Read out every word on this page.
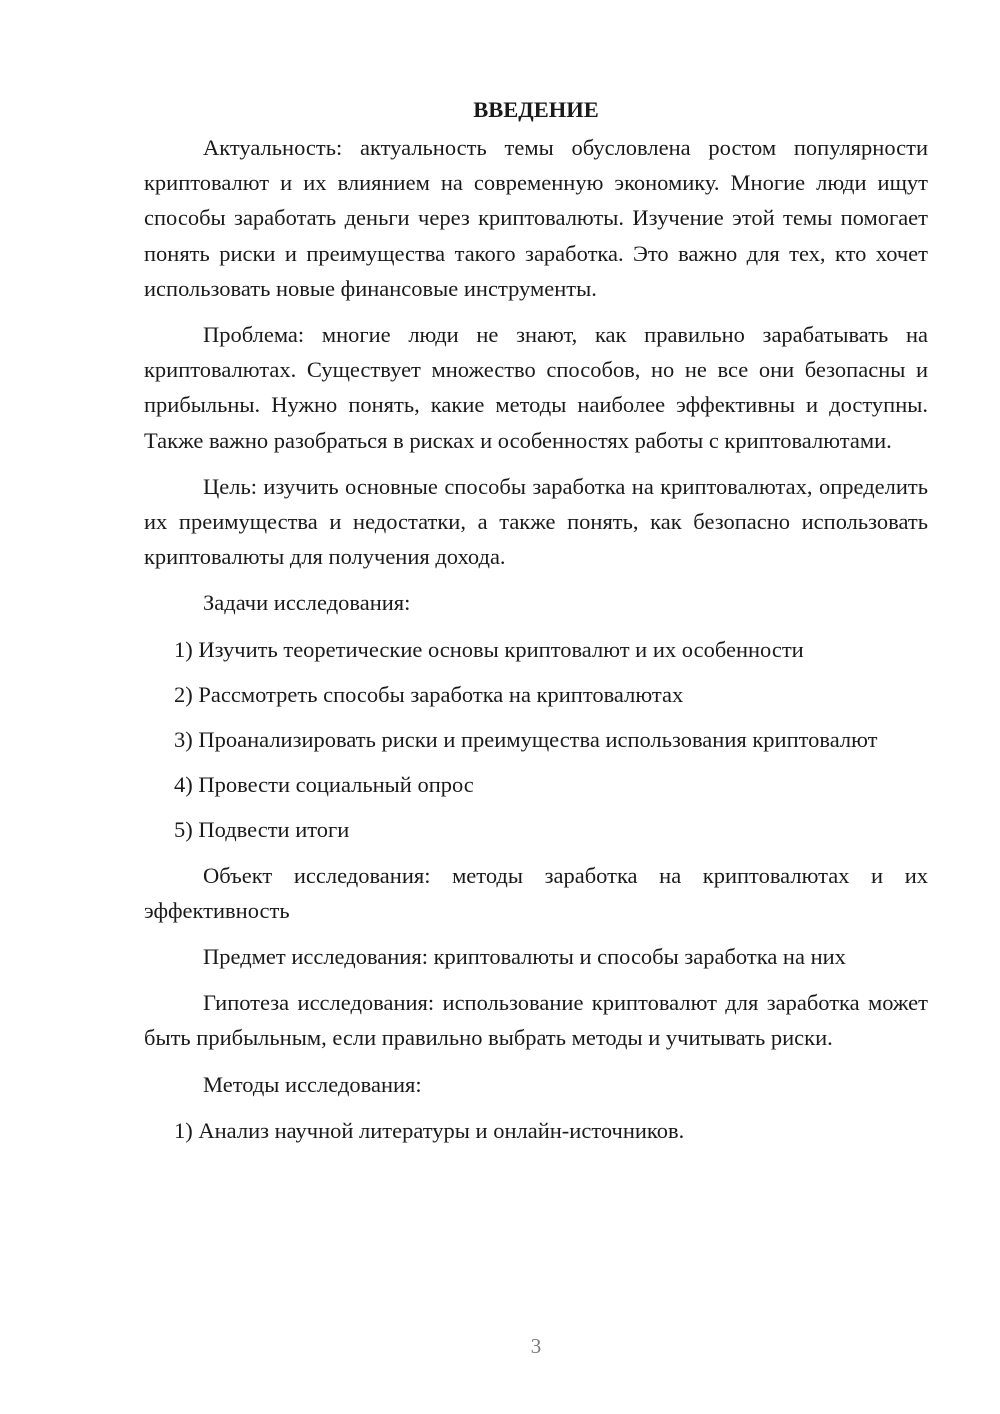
ВВЕДЕНИЕ

Актуальность: актуальность темы обусловлена ростом популярности криптовалют и их влиянием на современную экономику. Многие люди ищут способы заработать деньги через криптовалюты. Изучение этой темы помогает понять риски и преимущества такого заработка. Это важно для тех, кто хочет использовать новые финансовые инструменты.

Проблема: многие люди не знают, как правильно зарабатывать на криптовалютах. Существует множество способов, но не все они безопасны и прибыльны. Нужно понять, какие методы наиболее эффективны и доступны. Также важно разобраться в рисках и особенностях работы с криптовалютами.

Цель: изучить основные способы заработка на криптовалютах, определить их преимущества и недостатки, а также понять, как безопасно использовать криптовалюты для получения дохода.

Задачи исследования:

1) Изучить теоретические основы криптовалют и их особенности

2) Рассмотреть способы заработка на криптовалютах

3) Проанализировать риски и преимущества использования криптовалют

4) Провести социальный опрос

5) Подвести итоги

Объект исследования: методы заработка на криптовалютах и их эффективность

Предмет исследования: криптовалюты и способы заработка на них

Гипотеза исследования: использование криптовалют для заработка может быть прибыльным, если правильно выбрать методы и учитывать риски.

Методы исследования:

1) Анализ научной литературы и онлайн-источников.

3
